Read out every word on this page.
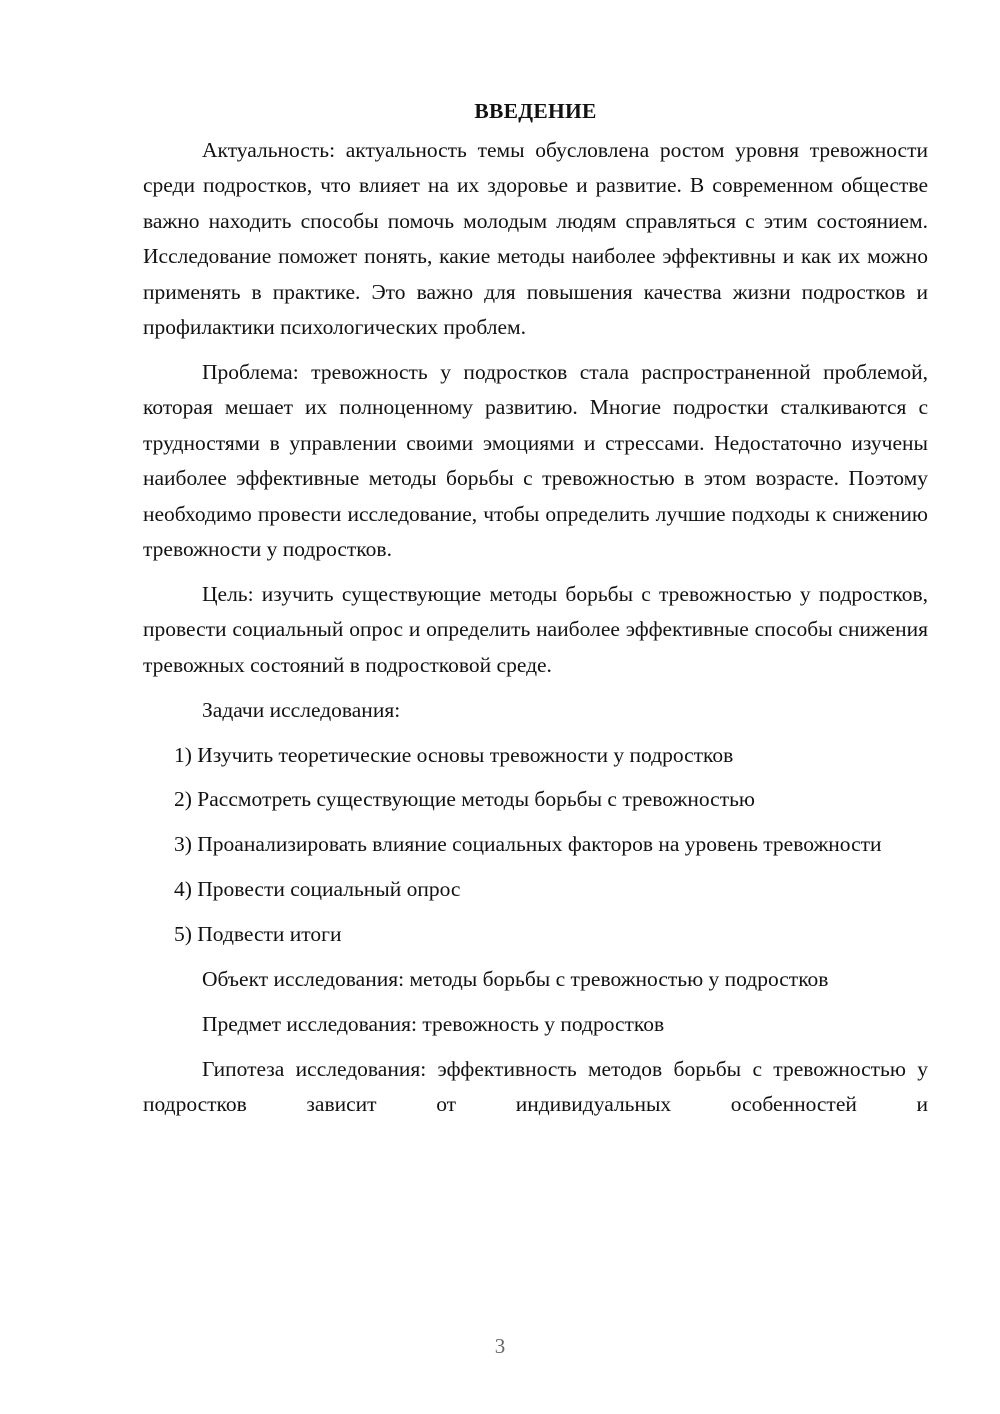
ВВЕДЕНИЕ

Актуальность: актуальность темы обусловлена ростом уровня тревожности среди подростков, что влияет на их здоровье и развитие. В современном обществе важно находить способы помочь молодым людям справляться с этим состоянием. Исследование поможет понять, какие методы наиболее эффективны и как их можно применять в практике. Это важно для повышения качества жизни подростков и профилактики психологических проблем.

Проблема: тревожность у подростков стала распространенной проблемой, которая мешает их полноценному развитию. Многие подростки сталкиваются с трудностями в управлении своими эмоциями и стрессами. Недостаточно изучены наиболее эффективные методы борьбы с тревожностью в этом возрасте. Поэтому необходимо провести исследование, чтобы определить лучшие подходы к снижению тревожности у подростков.

Цель: изучить существующие методы борьбы с тревожностью у подростков, провести социальный опрос и определить наиболее эффективные способы снижения тревожных состояний в подростковой среде.

Задачи исследования:

1) Изучить теоретические основы тревожности у подростков

2) Рассмотреть существующие методы борьбы с тревожностью

3) Проанализировать влияние социальных факторов на уровень тревожности

4) Провести социальный опрос

5) Подвести итоги

Объект исследования: методы борьбы с тревожностью у подростков

Предмет исследования: тревожность у подростков

Гипотеза исследования: эффективность методов борьбы с тревожностью у подростков зависит от индивидуальных особенностей и

3
